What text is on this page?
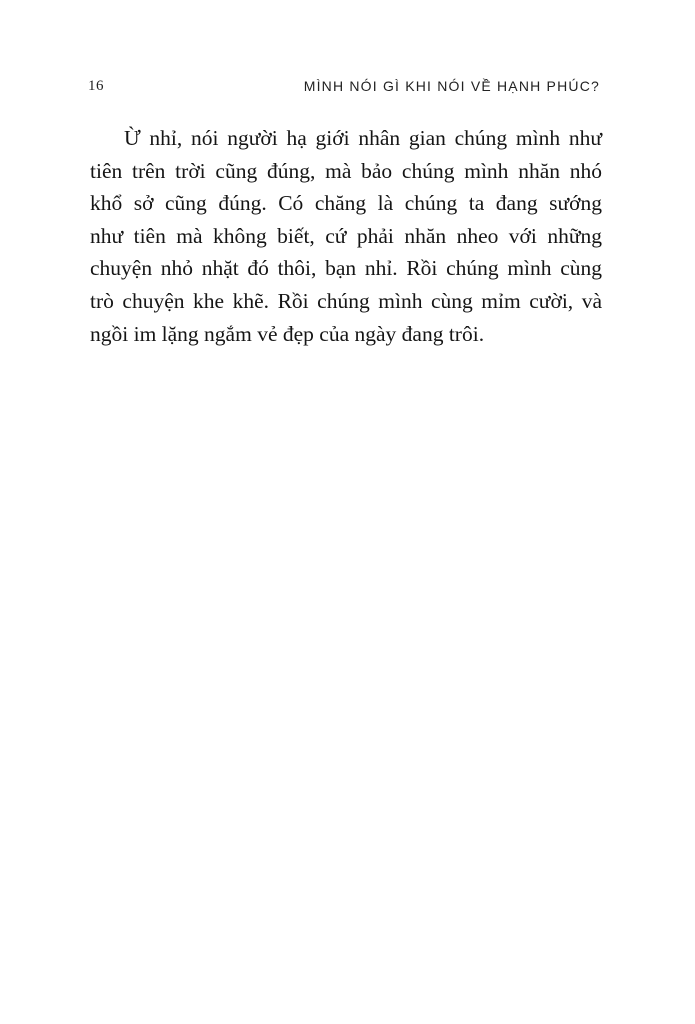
16	MÌNH NÓI GÌ KHI NÓI VỀ HẠNH PHÚC?
Ừ nhỉ, nói người hạ giới nhân gian chúng mình như
tiên trên trời cũng đúng, mà bảo chúng mình nhăn nhó
khổ sở cũng đúng. Có chăng là chúng ta đang sướng
như tiên mà không biết, cứ phải nhăn nheo với những
chuyện nhỏ nhặt đó thôi, bạn nhỉ. Rồi chúng mình cùng
trò chuyện khe khẽ. Rồi chúng mình cùng mỉm cười, và
ngồi im lặng ngắm vẻ đẹp của ngày đang trôi.
